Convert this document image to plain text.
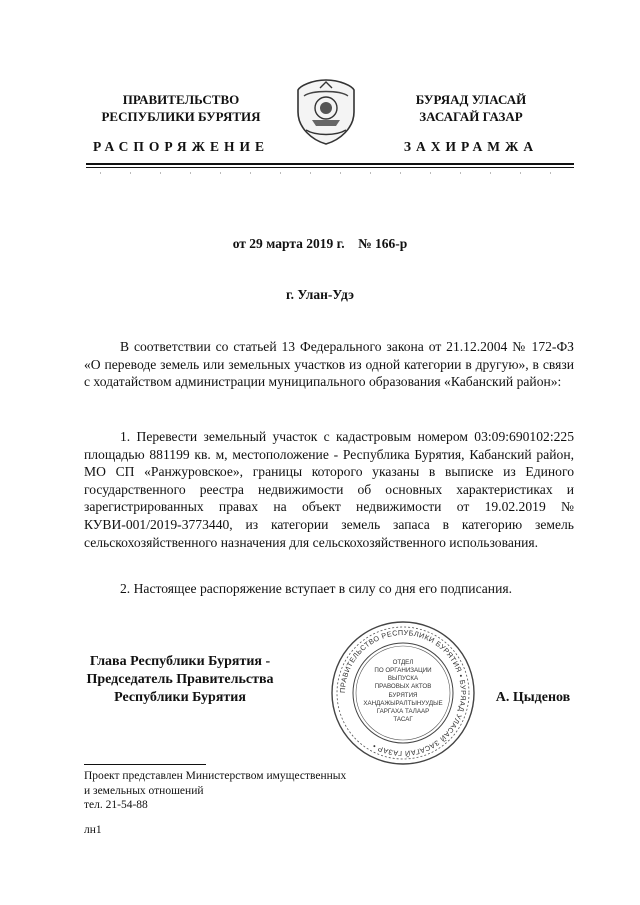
ПРАВИТЕЛЬСТВО
РЕСПУБЛИКИ БУРЯТИЯ
БУРЯАД УЛАСАЙ
ЗАСАГАЙ ГАЗАР
РАСПОРЯЖЕНИЕ	ЗАХИРАМЖА
от 29 марта 2019 г.    № 166-р
г. Улан-Удэ
В соответствии со статьей 13 Федерального закона от 21.12.2004 № 172-ФЗ «О переводе земель или земельных участков из одной категории в другую», в связи с ходатайством администрации муниципального образования «Кабанский район»:
1. Перевести земельный участок с кадастровым номером 03:09:690102:225 площадью 881199 кв. м, местоположение - Республика Бурятия, Кабанский район, МО СП «Ранжуровское», границы которого указаны в выписке из Единого государственного реестра недвижимости об основных характеристиках и зарегистрированных правах на объект недвижимости от 19.02.2019 № КУВИ-001/2019-3773440, из категории земель запаса в категорию земель сельскохозяйственного назначения для сельскохозяйственного использования.
2. Настоящее распоряжение вступает в силу со дня его подписания.
Глава Республики Бурятия -
Председатель Правительства
Республики Бурятия	А. Цыденов
ПРАВИТЕЛЬСТВО РЕСПУБЛИКИ БУРЯТИЯ • БУРЯАД УЛАСАЙ ЗАСАГАЙ ГАЗАР •
ОТДЕЛ
ПО ОРГАНИЗАЦИИ
ВЫПУСКА
ПРАВОВЫХ АКТОВ
БУРЯТИЯ
ХАНДАЖЫРАЛТЫНУУДЫЕ
ГАРГАХА ТАЛААР
ТАСАГ
Проект представлен Министерством имущественных
и земельных отношений
тел. 21-54-88
лн1
